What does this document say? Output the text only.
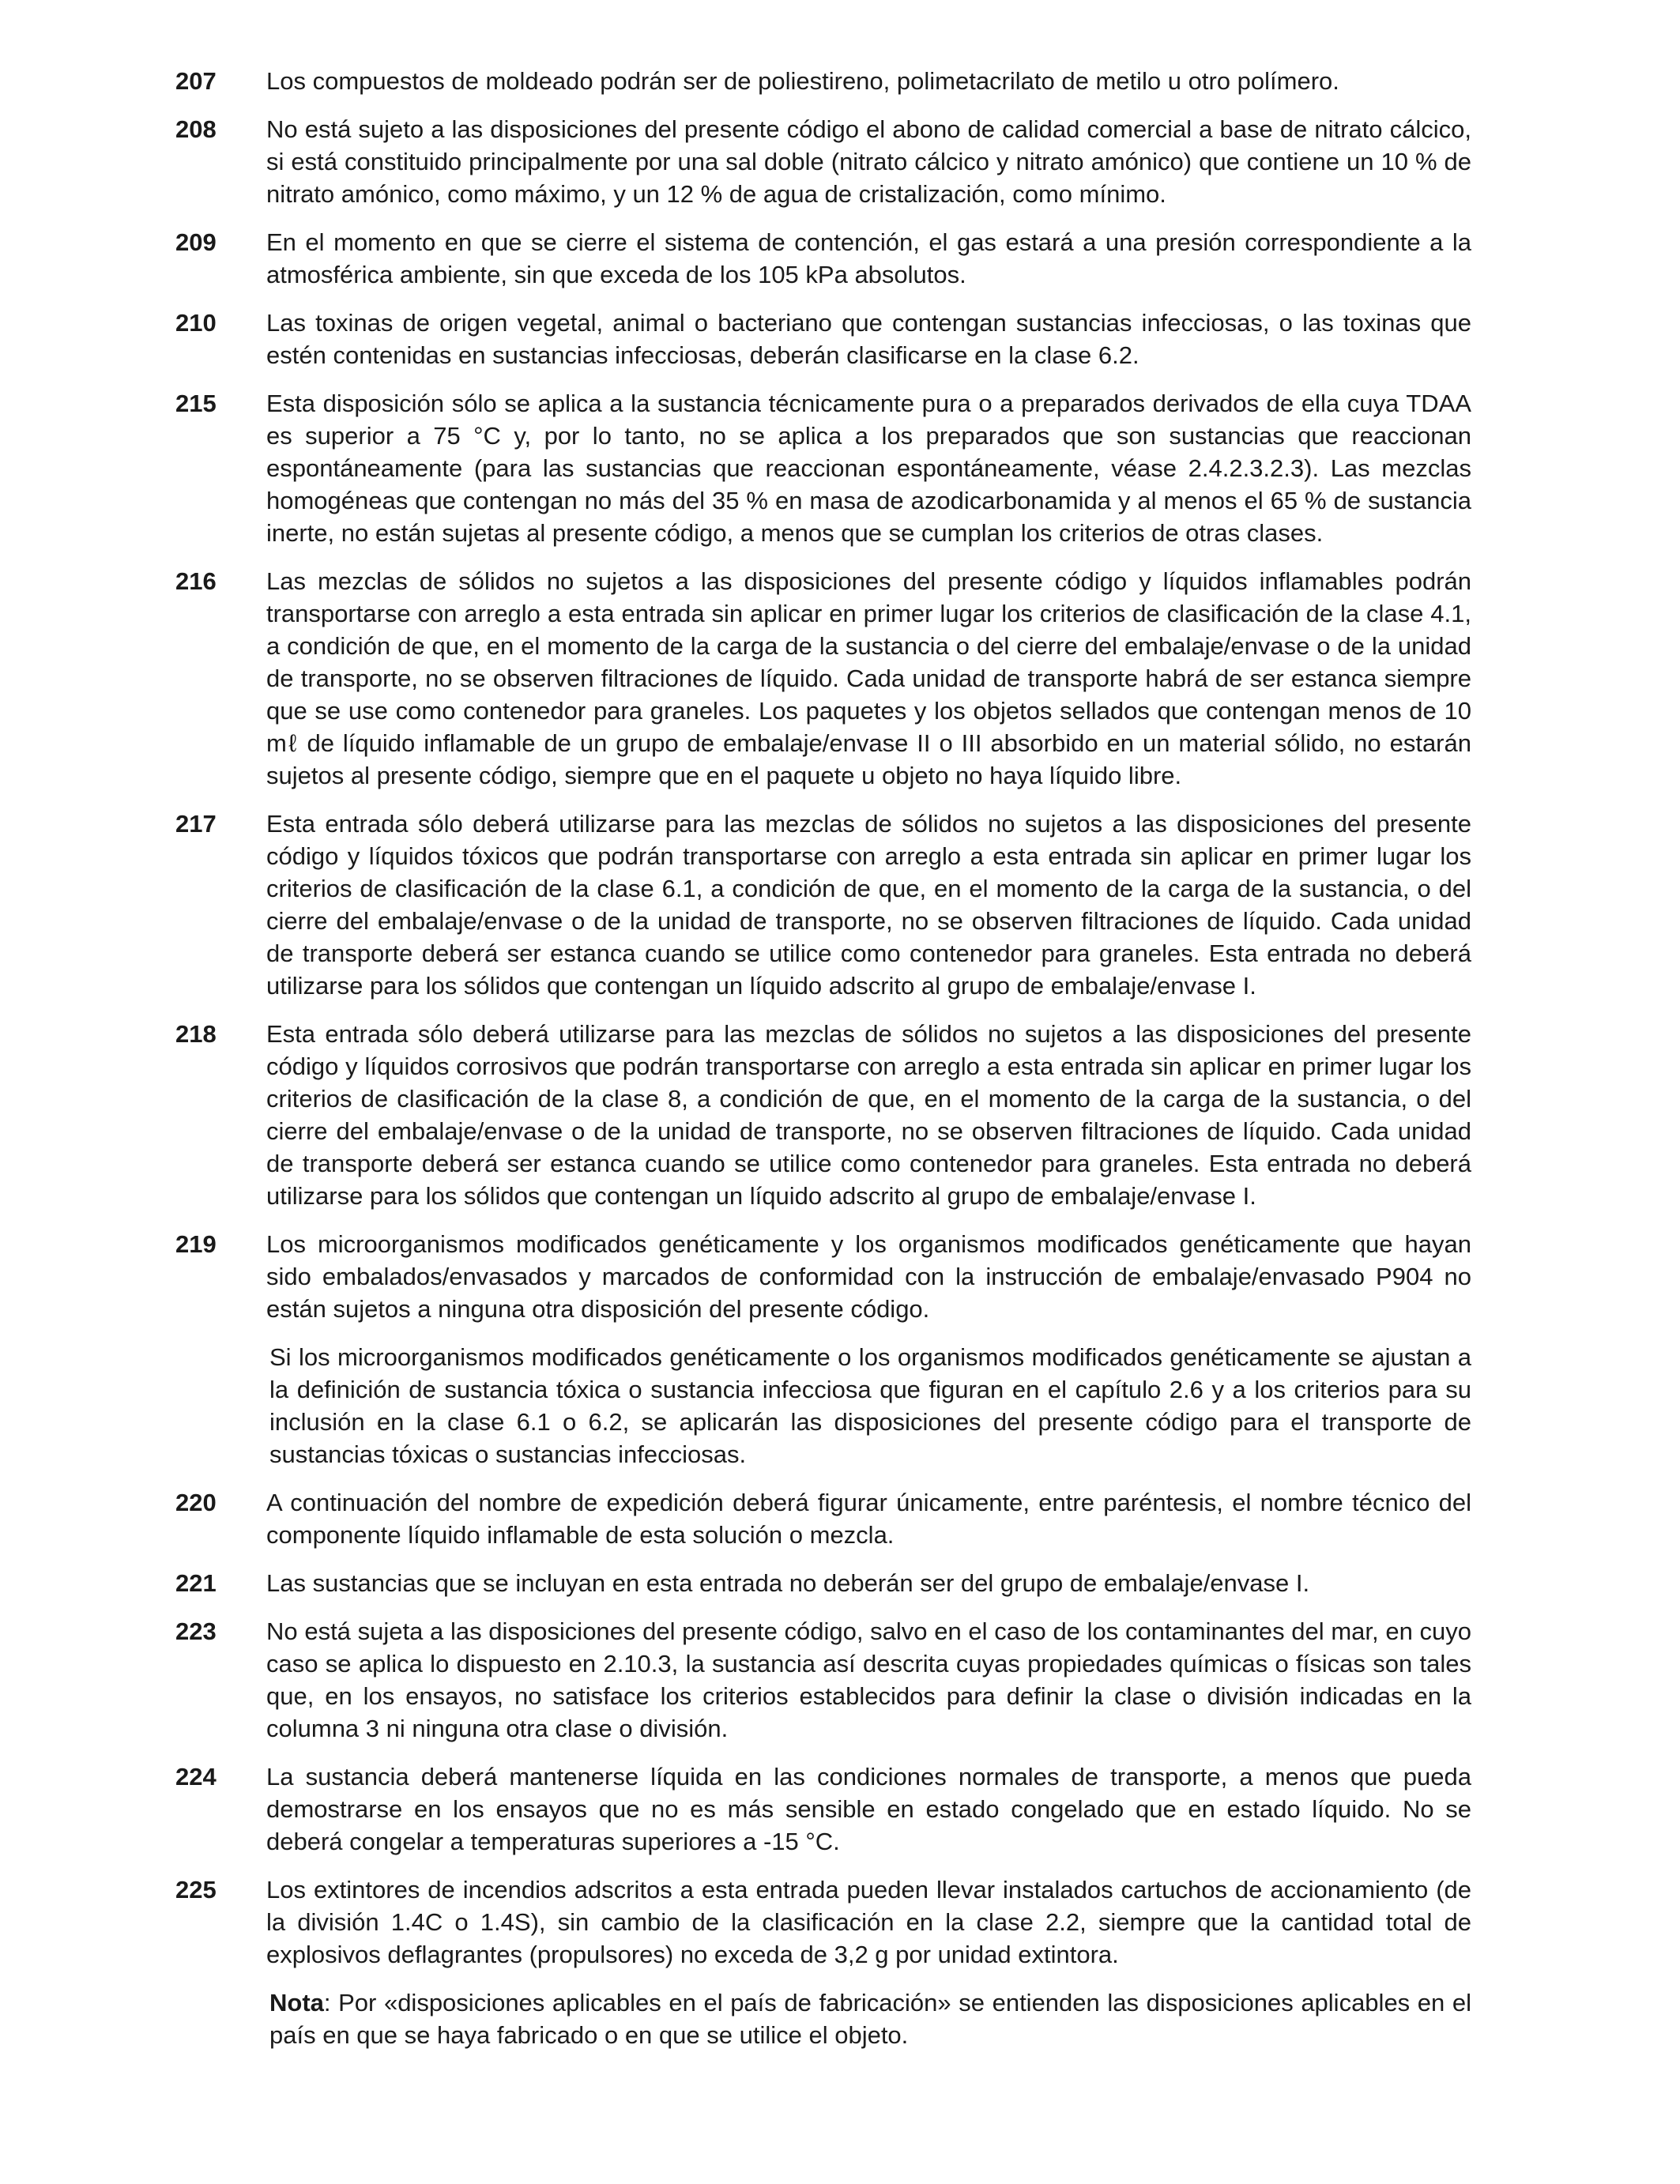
207	Los compuestos de moldeado podrán ser de poliestireno, polimetacrilato de metilo u otro polímero.

208	No está sujeto a las disposiciones del presente código el abono de calidad comercial a base de nitrato cálcico, si está constituido principalmente por una sal doble (nitrato cálcico y nitrato amónico) que contiene un 10 % de nitrato amónico, como máximo, y un 12 % de agua de cristalización, como mínimo.

209	En el momento en que se cierre el sistema de contención, el gas estará a una presión correspondiente a la atmosférica ambiente, sin que exceda de los 105 kPa absolutos.

210	Las toxinas de origen vegetal, animal o bacteriano que contengan sustancias infecciosas, o las toxinas que estén contenidas en sustancias infecciosas, deberán clasificarse en la clase 6.2.

215	Esta disposición sólo se aplica a la sustancia técnicamente pura o a preparados derivados de ella cuya TDAA es superior a 75 °C y, por lo tanto, no se aplica a los preparados que son sustancias que reaccionan espontáneamente (para las sustancias que reaccionan espontáneamente, véase 2.4.2.3.2.3). Las mezclas homogéneas que contengan no más del 35 % en masa de azodicarbonamida y al menos el 65 % de sustancia inerte, no están sujetas al presente código, a menos que se cumplan los criterios de otras clases.

216	Las mezclas de sólidos no sujetos a las disposiciones del presente código y líquidos inflamables podrán transportarse con arreglo a esta entrada sin aplicar en primer lugar los criterios de clasificación de la clase 4.1, a condición de que, en el momento de la carga de la sustancia o del cierre del embalaje/envase o de la unidad de transporte, no se observen filtraciones de líquido. Cada unidad de transporte habrá de ser estanca siempre que se use como contenedor para graneles. Los paquetes y los objetos sellados que contengan menos de 10 mℓ de líquido inflamable de un grupo de embalaje/envase II o III absorbido en un material sólido, no estarán sujetos al presente código, siempre que en el paquete u objeto no haya líquido libre.

217	Esta entrada sólo deberá utilizarse para las mezclas de sólidos no sujetos a las disposiciones del presente código y líquidos tóxicos que podrán transportarse con arreglo a esta entrada sin aplicar en primer lugar los criterios de clasificación de la clase 6.1, a condición de que, en el momento de la carga de la sustancia, o del cierre del embalaje/envase o de la unidad de transporte, no se observen filtraciones de líquido. Cada unidad de transporte deberá ser estanca cuando se utilice como contenedor para graneles. Esta entrada no deberá utilizarse para los sólidos que contengan un líquido adscrito al grupo de embalaje/envase I.

218	Esta entrada sólo deberá utilizarse para las mezclas de sólidos no sujetos a las disposiciones del presente código y líquidos corrosivos que podrán transportarse con arreglo a esta entrada sin aplicar en primer lugar los criterios de clasificación de la clase 8, a condición de que, en el momento de la carga de la sustancia, o del cierre del embalaje/envase o de la unidad de transporte, no se observen filtraciones de líquido. Cada unidad de transporte deberá ser estanca cuando se utilice como contenedor para graneles. Esta entrada no deberá utilizarse para los sólidos que contengan un líquido adscrito al grupo de embalaje/envase I.

219	Los microorganismos modificados genéticamente y los organismos modificados genéticamente que hayan sido embalados/envasados y marcados de conformidad con la instrucción de embalaje/envasado P904 no están sujetos a ninguna otra disposición del presente código.

Si los microorganismos modificados genéticamente o los organismos modificados genéticamente se ajustan a la definición de sustancia tóxica o sustancia infecciosa que figuran en el capítulo 2.6 y a los criterios para su inclusión en la clase 6.1 o 6.2, se aplicarán las disposiciones del presente código para el transporte de sustancias tóxicas o sustancias infecciosas.

220	A continuación del nombre de expedición deberá figurar únicamente, entre paréntesis, el nombre técnico del componente líquido inflamable de esta solución o mezcla.

221	Las sustancias que se incluyan en esta entrada no deberán ser del grupo de embalaje/envase I.

223	No está sujeta a las disposiciones del presente código, salvo en el caso de los contaminantes del mar, en cuyo caso se aplica lo dispuesto en 2.10.3, la sustancia así descrita cuyas propiedades químicas o físicas son tales que, en los ensayos, no satisface los criterios establecidos para definir la clase o división indicadas en la columna 3 ni ninguna otra clase o división.

224	La sustancia deberá mantenerse líquida en las condiciones normales de transporte, a menos que pueda demostrarse en los ensayos que no es más sensible en estado congelado que en estado líquido. No se deberá congelar a temperaturas superiores a -15 °C.

225	Los extintores de incendios adscritos a esta entrada pueden llevar instalados cartuchos de accionamiento (de la división 1.4C o 1.4S), sin cambio de la clasificación en la clase 2.2, siempre que la cantidad total de explosivos deflagrantes (propulsores) no exceda de 3,2 g por unidad extintora.

Nota: Por «disposiciones aplicables en el país de fabricación» se entienden las disposiciones aplicables en el país en que se haya fabricado o en que se utilice el objeto.
